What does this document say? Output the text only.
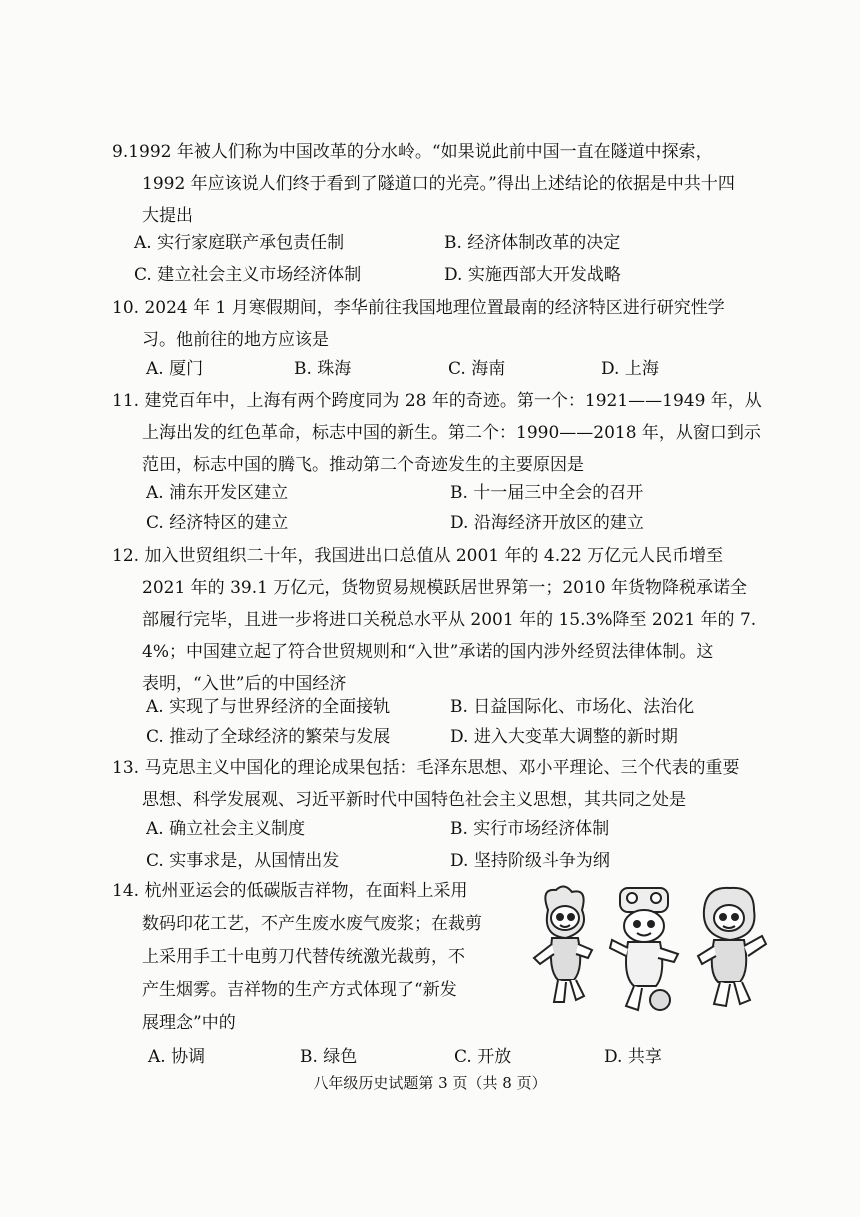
9.1992 年被人们称为中国改革的分水岭。“如果说此前中国一直在隧道中探索，
1992 年应该说人们终于看到了隧道口的光亮。”得出上述结论的依据是中共十四
大提出
A. 实行家庭联产承包责任制	B. 经济体制改革的决定
C. 建立社会主义市场经济体制	D. 实施西部大开发战略
10. 2024 年 1 月寒假期间，李华前往我国地理位置最南的经济特区进行研究性学
习。他前往的地方应该是
A. 厦门	B. 珠海	C. 海南	D. 上海
11. 建党百年中，上海有两个跨度同为 28 年的奇迹。第一个：1921——1949 年，从
上海出发的红色革命，标志中国的新生。第二个：1990——2018 年，从窗口到示
范田，标志中国的腾飞。推动第二个奇迹发生的主要原因是
A. 浦东开发区建立	B. 十一届三中全会的召开
C. 经济特区的建立	D. 沿海经济开放区的建立
12. 加入世贸组织二十年，我国进出口总值从 2001 年的 4.22 万亿元人民币增至
2021 年的 39.1 万亿元，货物贸易规模跃居世界第一；2010 年货物降税承诺全
部履行完毕，且进一步将进口关税总水平从 2001 年的 15.3%降至 2021 年的 7.
4%；中国建立起了符合世贸规则和“入世”承诺的国内涉外经贸法律体制。这
表明，“入世”后的中国经济
A. 实现了与世界经济的全面接轨	B. 日益国际化、市场化、法治化
C. 推动了全球经济的繁荣与发展	D. 进入大变革大调整的新时期
13. 马克思主义中国化的理论成果包括：毛泽东思想、邓小平理论、三个代表的重要
思想、科学发展观、习近平新时代中国特色社会主义思想，其共同之处是
A. 确立社会主义制度	B. 实行市场经济体制
C. 实事求是，从国情出发	D. 坚持阶级斗争为纲
14. 杭州亚运会的低碳版吉祥物，在面料上采用
数码印花工艺，不产生废水废气废浆；在裁剪
上采用手工十电剪刀代替传统激光裁剪，不
产生烟雾。吉祥物的生产方式体现了“新发
展理念”中的
A. 协调	B. 绿色	C. 开放	D. 共享
八年级历史试题第 3 页（共 8 页）
